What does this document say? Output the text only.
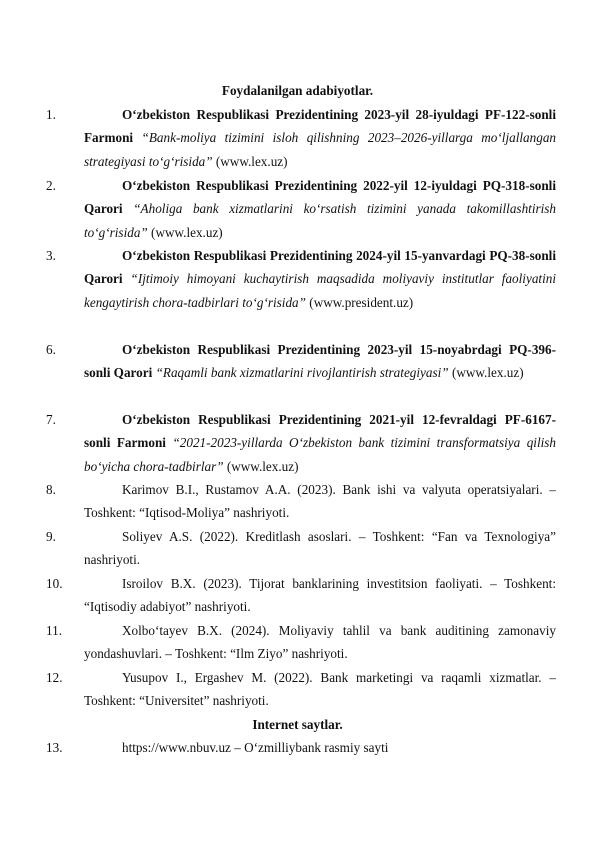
Foydalanilgan adabiyotlar.
1.	O‘zbekiston Respublikasi Prezidentining 2023-yil 28-iyuldagi PF-122-sonli Farmoni “Bank-moliya tizimini isloh qilishning 2023–2026-yillarga mo‘ljallangan strategiyasi to‘g‘risida” (www.lex.uz)
2.	O‘zbekiston Respublikasi Prezidentining 2022-yil 12-iyuldagi PQ-318-sonli Qarori “Aholiga bank xizmatlarini ko‘rsatish tizimini yanada takomillashtirish to‘g‘risida” (www.lex.uz)
3.	O‘zbekiston Respublikasi Prezidentining 2024-yil 15-yanvardagi PQ-38-sonli Qarori “Ijtimoiy himoyani kuchaytirish maqsadida moliyaviy institutlar faoliyatini kengaytirish chora-tadbirlari to‘g‘risida” (www.president.uz)
6.	O‘zbekiston Respublikasi Prezidentining 2023-yil 15-noyabrdagi PQ-396-sonli Qarori “Raqamli bank xizmatlarini rivojlantirish strategiyasi” (www.lex.uz)
7.	O‘zbekiston Respublikasi Prezidentining 2021-yil 12-fevraldagi PF-6167-sonli Farmoni “2021-2023-yillarda O‘zbekiston bank tizimini transformatsiya qilish bo‘yicha chora-tadbirlar” (www.lex.uz)
8.	Karimov B.I., Rustamov A.A. (2023). Bank ishi va valyuta operatsiyalari. – Toshkent: “Iqtisod-Moliya” nashriyoti.
9.	Soliyev A.S. (2022). Kreditlash asoslari. – Toshkent: “Fan va Texnologiya” nashriyoti.
10.	Isroilov B.X. (2023). Tijorat banklarining investitsion faoliyati. – Toshkent: “Iqtisodiy adabiyot” nashriyoti.
11.	Xolbo‘tayev B.X. (2024). Moliyaviy tahlil va bank auditining zamonaviy yondashuvlari. – Toshkent: “Ilm Ziyo” nashriyoti.
12.	Yusupov I., Ergashev M. (2022). Bank marketingi va raqamli xizmatlar. – Toshkent: “Universitet” nashriyoti.
Internet saytlar.
13.	https://www.nbuv.uz – O‘zmilliybank rasmiy sayti
